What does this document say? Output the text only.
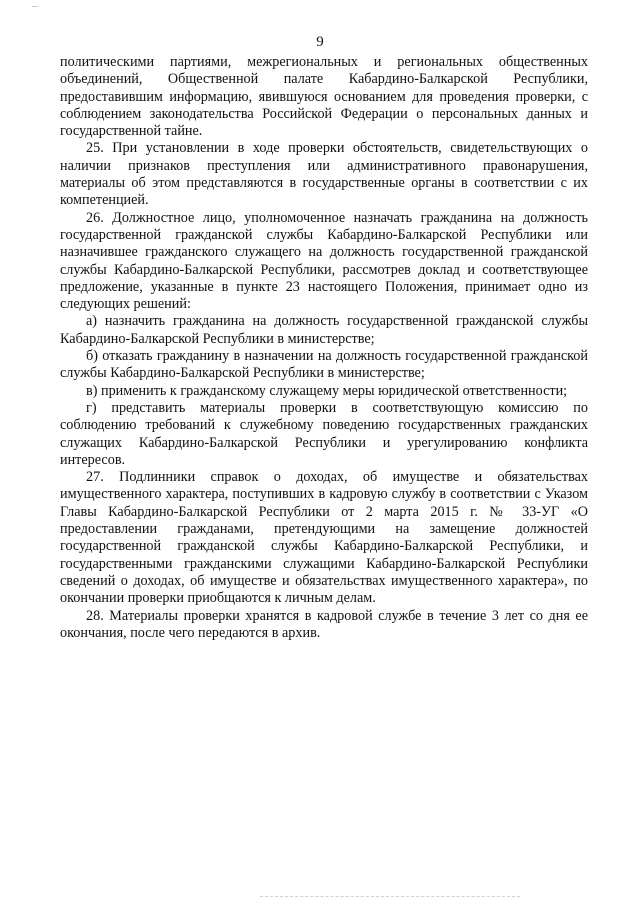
9

политическими партиями, межрегиональных и региональных общественных объединений, Общественной палате Кабардино-Балкарской Республики, предоставившим информацию, явившуюся основанием для проведения проверки, с соблюдением законодательства Российской Федерации о персональных данных и государственной тайне.

25. При установлении в ходе проверки обстоятельств, свидетельствующих о наличии признаков преступления или административного правонарушения, материалы об этом представляются в государственные органы в соответствии с их компетенцией.

26. Должностное лицо, уполномоченное назначать гражданина на должность государственной гражданской службы Кабардино-Балкарской Республики или назначившее гражданского служащего на должность государственной гражданской службы Кабардино-Балкарской Республики, рассмотрев доклад и соответствующее предложение, указанные в пункте 23 настоящего Положения, принимает одно из следующих решений:

а) назначить гражданина на должность государственной гражданской службы Кабардино-Балкарской Республики в министерстве;

б) отказать гражданину в назначении на должность государственной гражданской службы Кабардино-Балкарской Республики в министерстве;

в) применить к гражданскому служащему меры юридической ответственности;

г) представить материалы проверки в соответствующую комиссию по соблюдению требований к служебному поведению государственных гражданских служащих Кабардино-Балкарской Республики и урегулированию конфликта интересов.

27. Подлинники справок о доходах, об имуществе и обязательствах имущественного характера, поступивших в кадровую службу в соответствии с Указом Главы Кабардино-Балкарской Республики от 2 марта 2015 г. № 33-УГ «О предоставлении гражданами, претендующими на замещение должностей государственной гражданской службы Кабардино-Балкарской Республики, и государственными гражданскими служащими Кабардино-Балкарской Республики сведений о доходах, об имуществе и обязательствах имущественного характера», по окончании проверки приобщаются к личным делам.

28. Материалы проверки хранятся в кадровой службе в течение 3 лет со дня ее окончания, после чего передаются в архив.
